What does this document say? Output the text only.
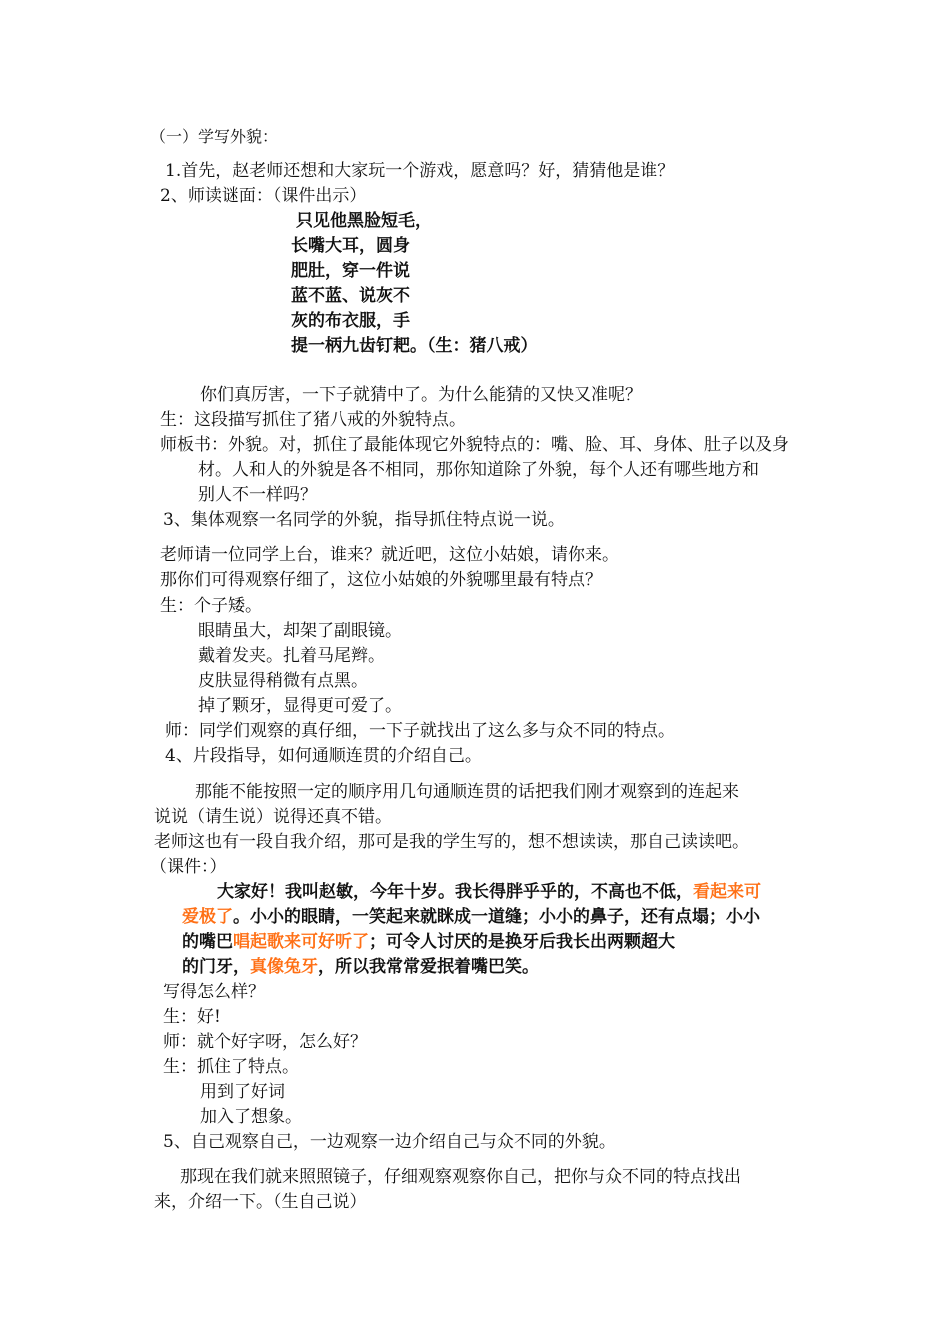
（一）学写外貌：
1.首先，赵老师还想和大家玩一个游戏，愿意吗？好，猜猜他是谁？
2、师读谜面：（课件出示）
只见他黑脸短毛，
长嘴大耳，圆身
肥肚，穿一件说
蓝不蓝、说灰不
灰的布衣服，手
提一柄九齿钉耙。（生：猪八戒）
你们真厉害，一下子就猜中了。为什么能猜的又快又准呢？
生：这段描写抓住了猪八戒的外貌特点。
师板书：外貌。对，抓住了最能体现它外貌特点的：嘴、脸、耳、身体、肚子以及身
材。人和人的外貌是各不相同，那你知道除了外貌，每个人还有哪些地方和
别人不一样吗？
3、集体观察一名同学的外貌，指导抓住特点说一说。
老师请一位同学上台，谁来？就近吧，这位小姑娘，请你来。
那你们可得观察仔细了，这位小姑娘的外貌哪里最有特点？
生：个子矮。
眼睛虽大，却架了副眼镜。
戴着发夹。扎着马尾辫。
皮肤显得稍微有点黑。
掉了颗牙，显得更可爱了。
师：同学们观察的真仔细，一下子就找出了这么多与众不同的特点。
4、片段指导，如何通顺连贯的介绍自己。
那能不能按照一定的顺序用几句通顺连贯的话把我们刚才观察到的连起来
说说（请生说）说得还真不错。
老师这也有一段自我介绍，那可是我的学生写的，想不想读读，那自己读读吧。
（课件：）
大家好！我叫赵敏，今年十岁。我长得胖乎乎的，不高也不低，看起来可
爱极了。小小的眼睛，一笑起来就眯成一道缝；小小的鼻子，还有点塌；小小
的嘴巴唱起歌来可好听了；可令人讨厌的是换牙后我长出两颗超大
的门牙，真像兔牙，所以我常常爱抿着嘴巴笑。
写得怎么样？
生：好!
师：就个好字呀，怎么好？
生：抓住了特点。
用到了好词
加入了想象。
5、自己观察自己，一边观察一边介绍自己与众不同的外貌。
那现在我们就来照照镜子，仔细观察观察你自己，把你与众不同的特点找出
来，介绍一下。（生自己说）
